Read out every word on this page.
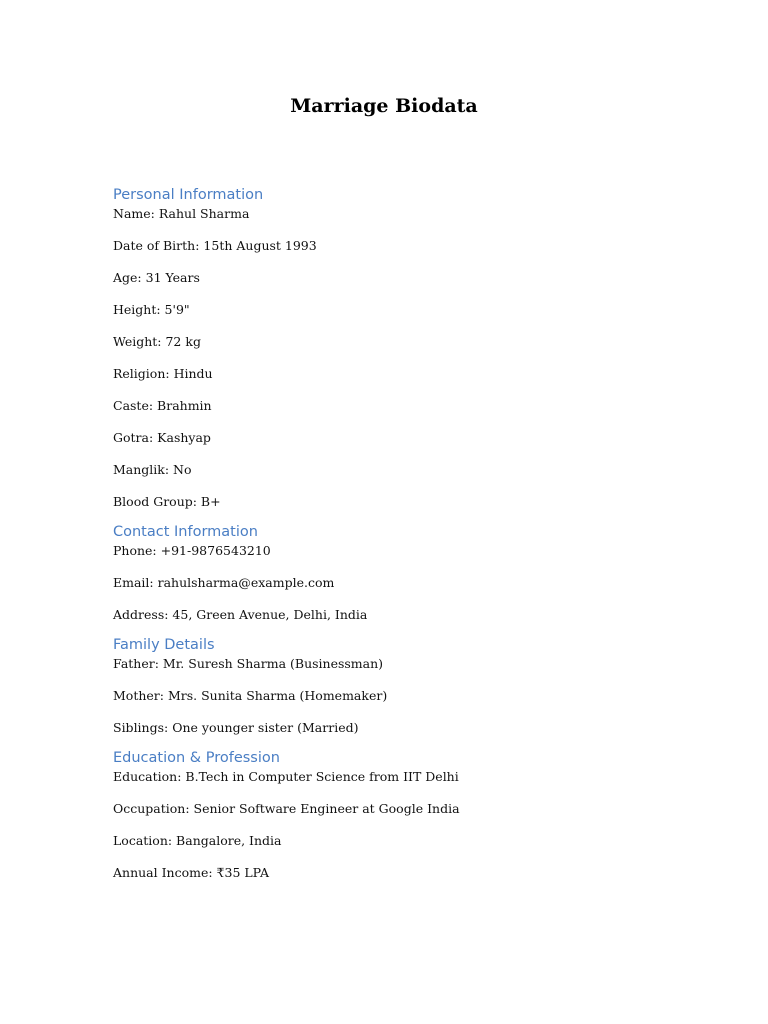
Marriage Biodata
Personal Information

Name: Rahul Sharma

Date of Birth: 15th August 1993

Age: 31 Years

Height: 5'9"

Weight: 72 kg

Religion: Hindu

Caste: Brahmin

Gotra: Kashyap

Manglik: No

Blood Group: B+

Contact Information

Phone: +91-9876543210

Email: rahulsharma@example.com

Address: 45, Green Avenue, Delhi, India

Family Details

Father: Mr. Suresh Sharma (Businessman)

Mother: Mrs. Sunita Sharma (Homemaker)

Siblings: One younger sister (Married)

Education & Profession

Education: B.Tech in Computer Science from IIT Delhi

Occupation: Senior Software Engineer at Google India

Location: Bangalore, India

Annual Income: ₹35 LPA
